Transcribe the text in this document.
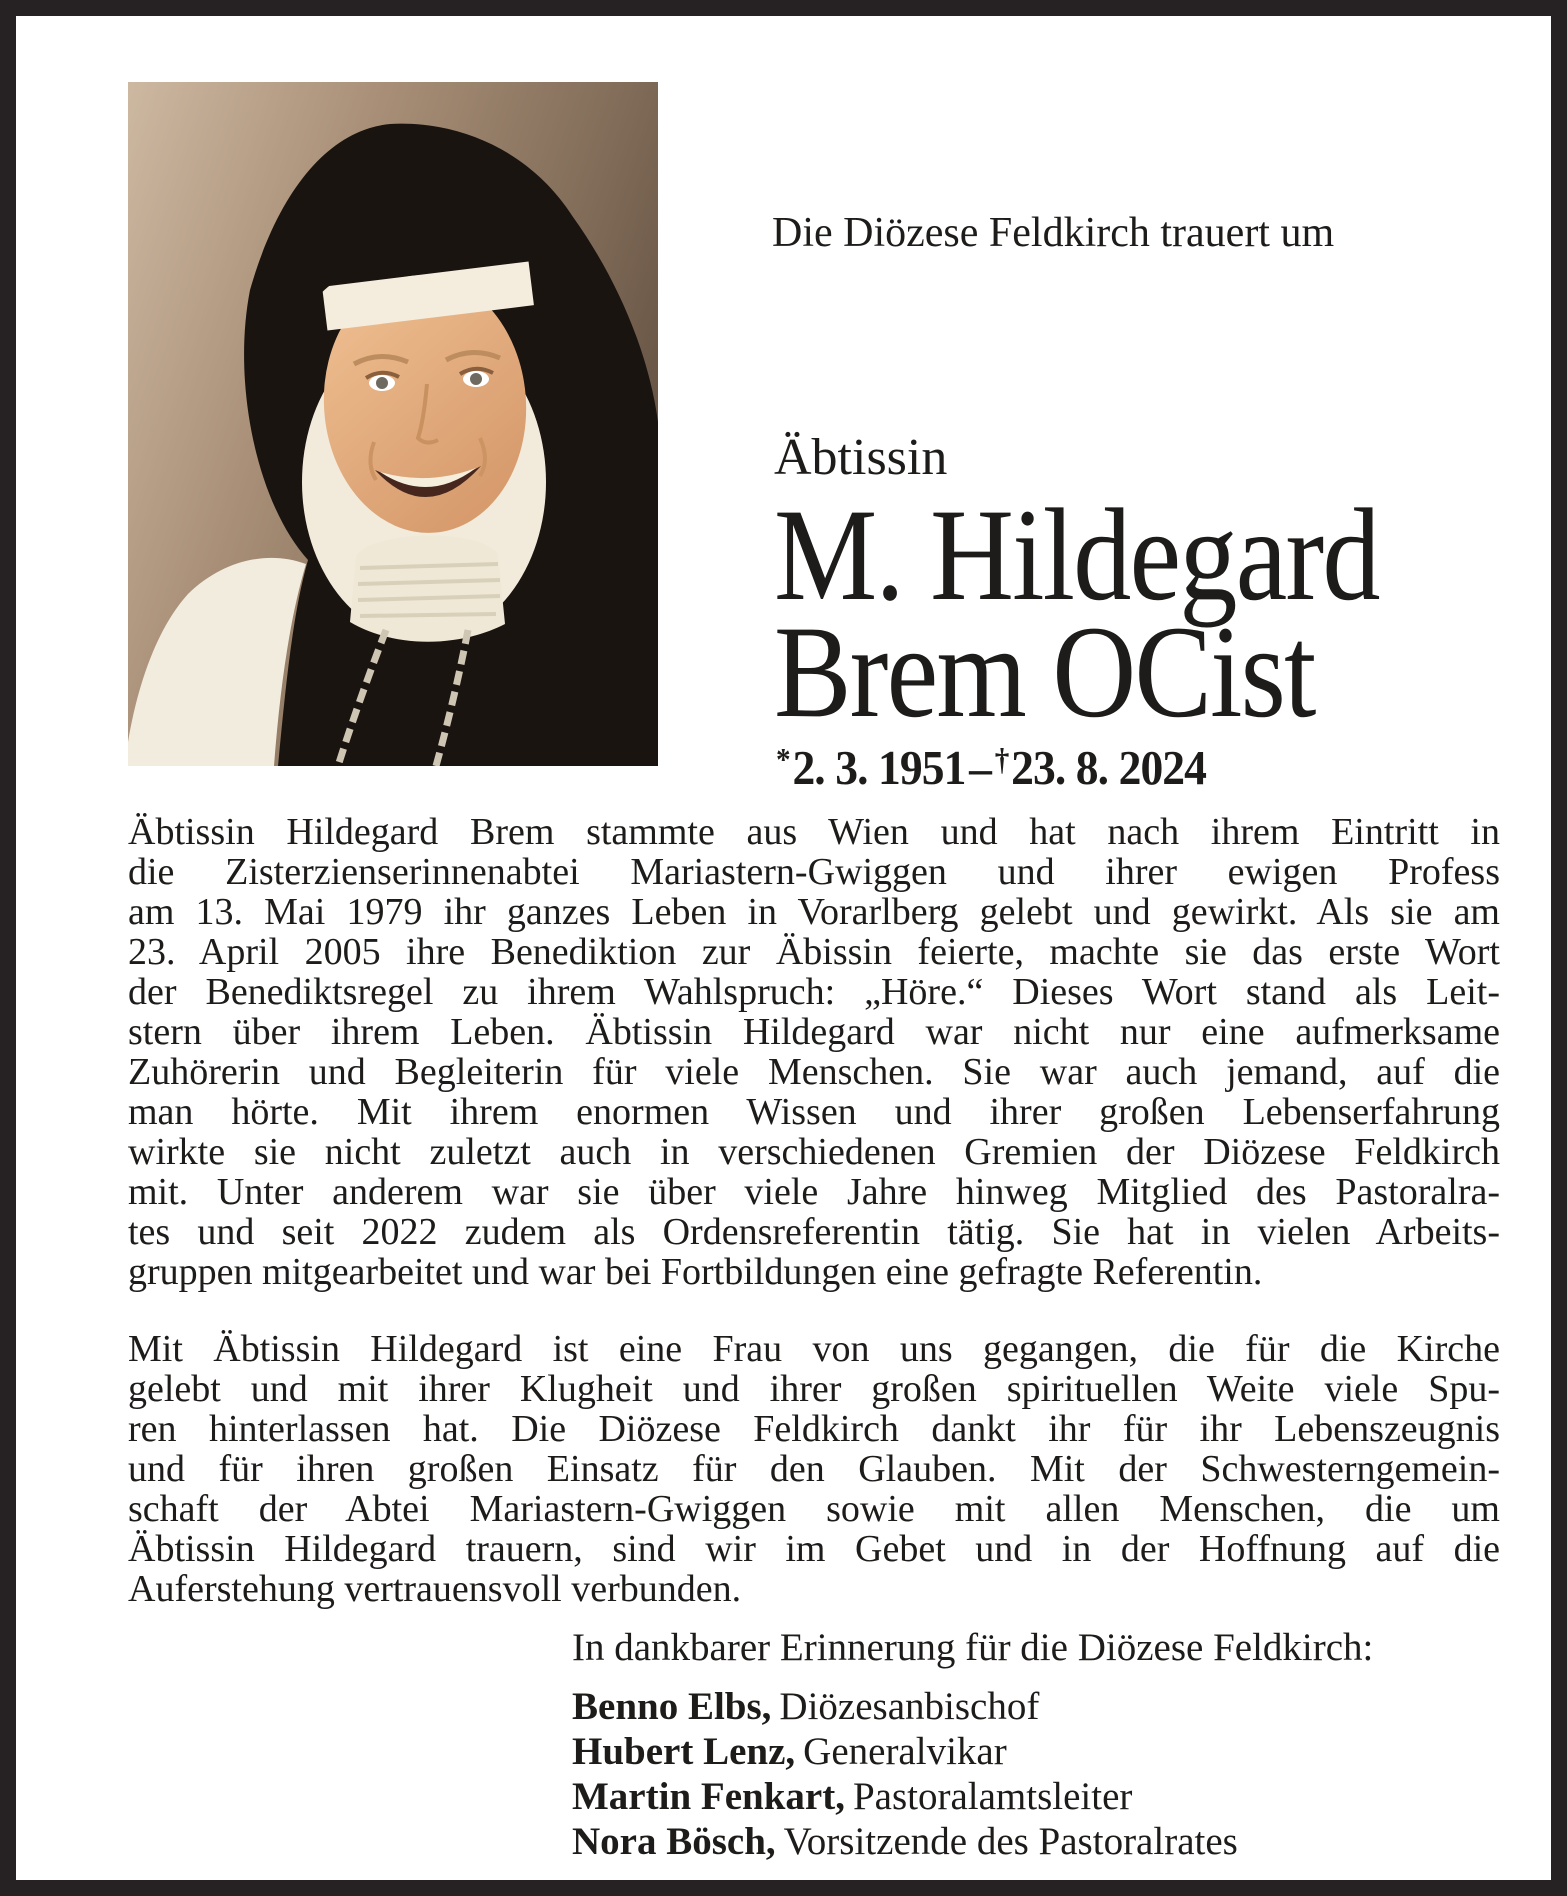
Die Diözese Feldkirch trauert um
Äbtissin
M. Hildegard
Brem OCist
*2. 3. 1951– †23. 8. 2024
Äbtissin Hildegard Brem stammte aus Wien und hat nach ihrem Eintritt in
die Zisterzienserinnenabtei Mariastern-Gwiggen und ihrer ewigen Profess
am 13. Mai 1979 ihr ganzes Leben in Vorarlberg gelebt und gewirkt. Als sie am
23. April 2005 ihre Benediktion zur Äbissin feierte, machte sie das erste Wort
der Benediktsregel zu ihrem Wahlspruch: „Höre.“ Dieses Wort stand als Leit-
stern über ihrem Leben. Äbtissin Hildegard war nicht nur eine aufmerksame
Zuhörerin und Begleiterin für viele Menschen. Sie war auch jemand, auf die
man hörte. Mit ihrem enormen Wissen und ihrer großen Lebenserfahrung
wirkte sie nicht zuletzt auch in verschiedenen Gremien der Diözese Feldkirch
mit. Unter anderem war sie über viele Jahre hinweg Mitglied des Pastoralra-
tes und seit 2022 zudem als Ordensreferentin tätig. Sie hat in vielen Arbeits-
gruppen mitgearbeitet und war bei Fortbildungen eine gefragte Referentin.
Mit Äbtissin Hildegard ist eine Frau von uns gegangen, die für die Kirche
gelebt und mit ihrer Klugheit und ihrer großen spirituellen Weite viele Spu-
ren hinterlassen hat. Die Diözese Feldkirch dankt ihr für ihr Lebenszeugnis
und für ihren großen Einsatz für den Glauben. Mit der Schwesterngemein-
schaft der Abtei Mariastern-Gwiggen sowie mit allen Menschen, die um
Äbtissin Hildegard trauern, sind wir im Gebet und in der Hoffnung auf die
Auferstehung vertrauensvoll verbunden.
In dankbarer Erinnerung für die Diözese Feldkirch:
Benno Elbs, Diözesanbischof
Hubert Lenz, Generalvikar
Martin Fenkart, Pastoralamtsleiter
Nora Bösch, Vorsitzende des Pastoralrates
